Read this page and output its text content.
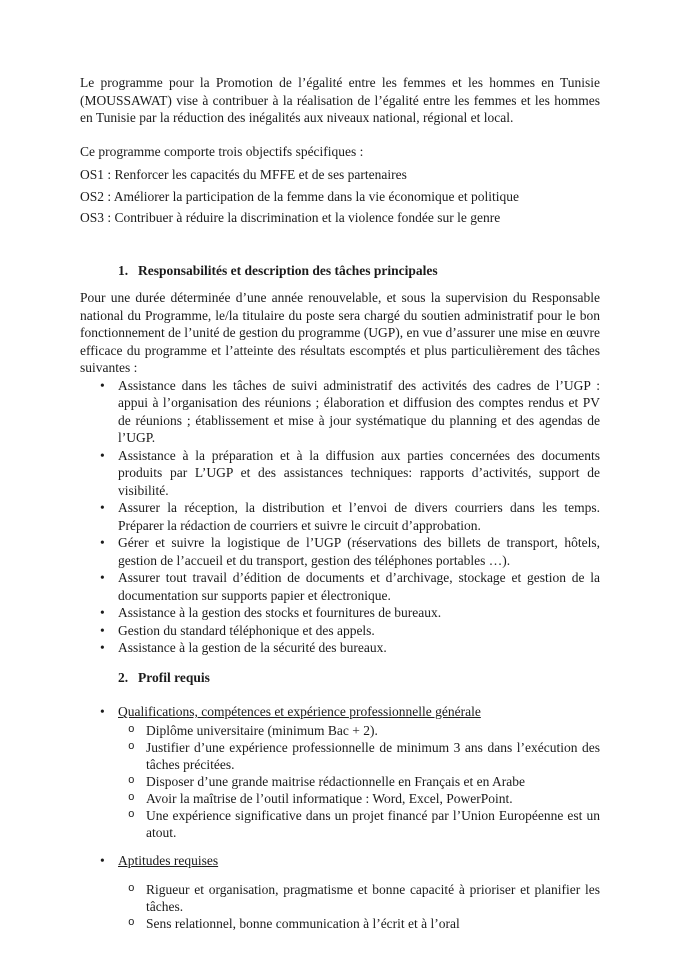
Le programme pour la Promotion de l’égalité entre les femmes et les hommes en Tunisie (MOUSSAWAT) vise à contribuer à la réalisation de l’égalité entre les femmes et les hommes en Tunisie par la réduction des inégalités aux niveaux national, régional et local.

Ce programme comporte trois objectifs spécifiques :

OS1 : Renforcer les capacités du MFFE et de ses partenaires

OS2 : Améliorer la participation de la femme dans la vie économique et politique

OS3 : Contribuer à réduire la discrimination et la violence fondée sur le genre

1. Responsabilités et description des tâches principales

Pour une durée déterminée d’une année renouvelable, et sous la supervision du Responsable national du Programme, le/la titulaire du poste sera chargé du soutien administratif pour le bon fonctionnement de l’unité de gestion du programme (UGP), en vue d’assurer une mise en œuvre efficace du programme et l’atteinte des résultats escomptés et plus particulièrement des tâches suivantes :

• Assistance dans les tâches de suivi administratif des activités des cadres de l’UGP : appui à l’organisation des réunions ; élaboration et diffusion des comptes rendus et PV de réunions ; établissement et mise à jour systématique du planning et des agendas de l’UGP.
• Assistance à la préparation et à la diffusion aux parties concernées des documents produits par L’UGP et des assistances techniques: rapports d’activités, support de visibilité.
• Assurer la réception, la distribution et l’envoi de divers courriers dans les temps. Préparer la rédaction de courriers et suivre le circuit d’approbation.
• Gérer et suivre la logistique de l’UGP (réservations des billets de transport, hôtels, gestion de l’accueil et du transport, gestion des téléphones portables …).
• Assurer tout travail d’édition de documents et d’archivage, stockage et gestion de la documentation sur supports papier et électronique.
• Assistance à la gestion des stocks et fournitures de bureaux.
• Gestion du standard téléphonique et des appels.
• Assistance à la gestion de la sécurité des bureaux.
2. Profil requis
• Qualifications, compétences et expérience professionnelle générale
o Diplôme universitaire (minimum Bac + 2).
o Justifier d’une expérience professionnelle de minimum 3 ans dans l’exécution des tâches précitées.
o Disposer d’une grande maitrise rédactionnelle en Français et en Arabe
o Avoir la maîtrise de l’outil informatique : Word, Excel, PowerPoint.
o Une expérience significative dans un projet financé par l’Union Européenne est un atout.
• Aptitudes requises
o Rigueur et organisation, pragmatisme et bonne capacité à prioriser et planifier les tâches.
o Sens relationnel, bonne communication à l’écrit et à l’oral
